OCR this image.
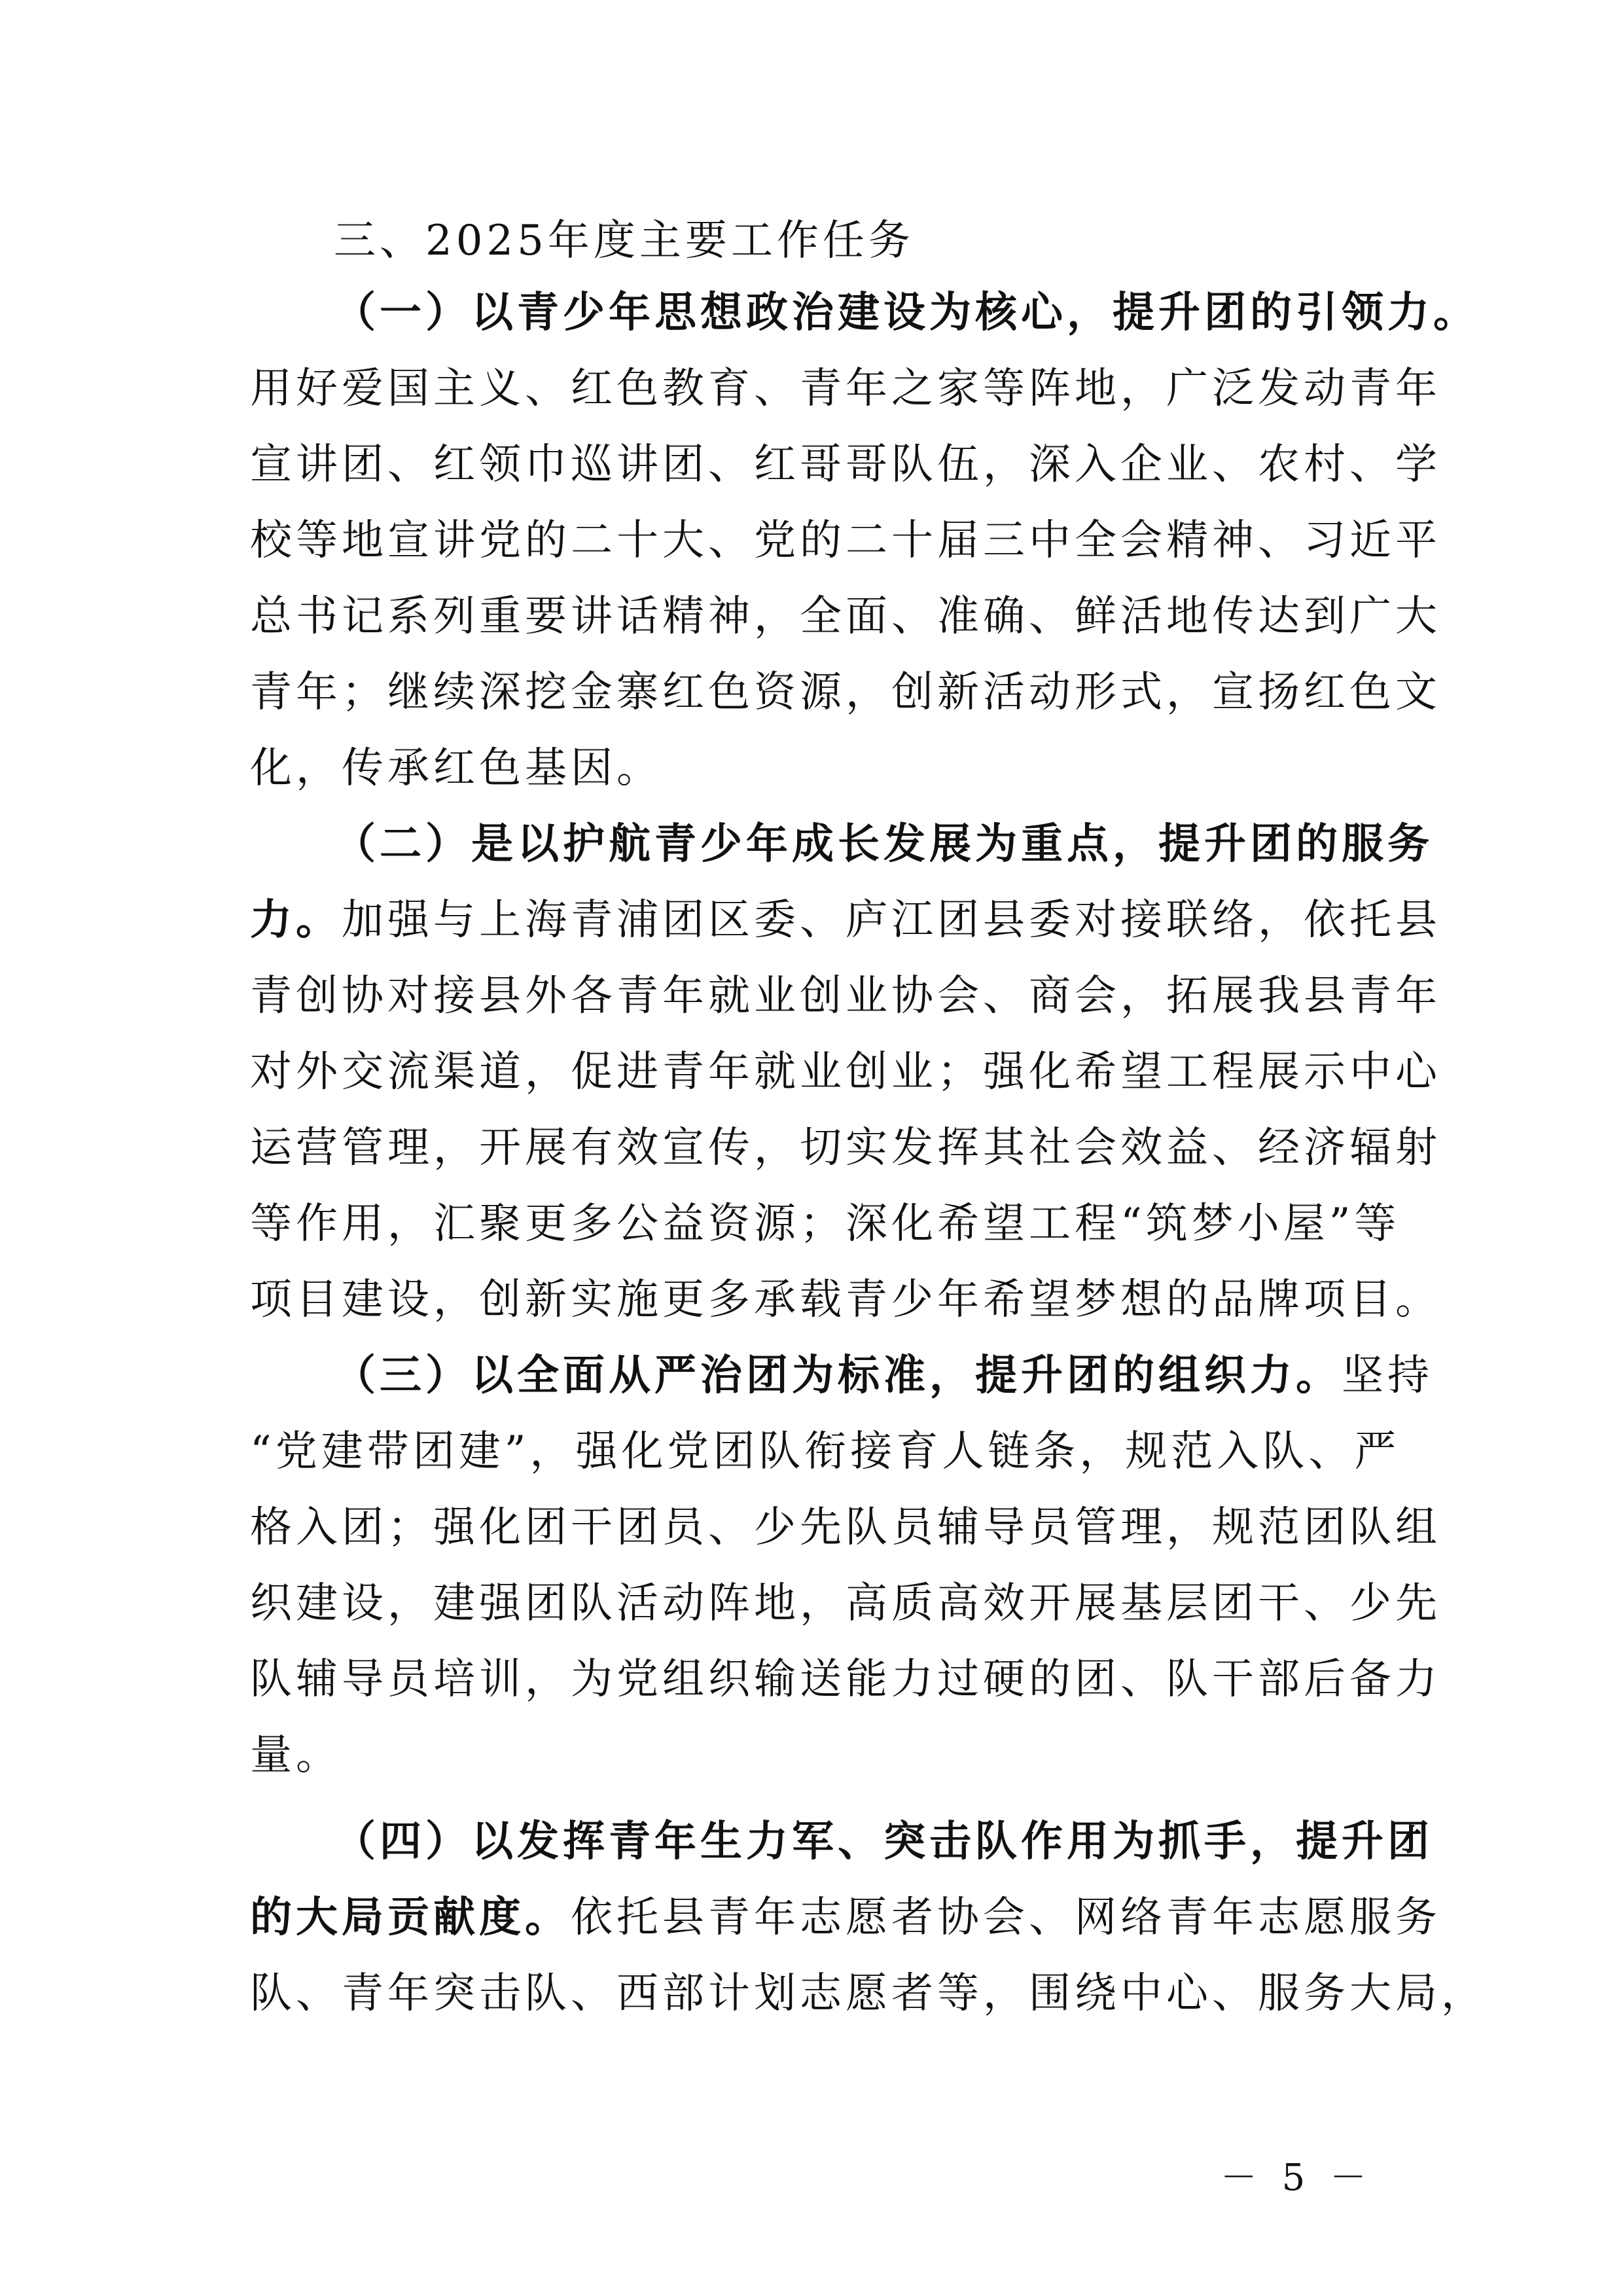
三、2025年度主要工作任务
（一）以青少年思想政治建设为核心，提升团的引领力。
用好爱国主义、红色教育、青年之家等阵地，广泛发动青年
宣讲团、红领巾巡讲团、红哥哥队伍，深入企业、农村、学
校等地宣讲党的二十大、党的二十届三中全会精神、习近平
总书记系列重要讲话精神，全面、准确、鲜活地传达到广大
青年；继续深挖金寨红色资源，创新活动形式，宣扬红色文
化，传承红色基因。
（二）是以护航青少年成长发展为重点，提升团的服务
力。加强与上海青浦团区委、庐江团县委对接联络，依托县
青创协对接县外各青年就业创业协会、商会，拓展我县青年
对外交流渠道，促进青年就业创业；强化希望工程展示中心
运营管理，开展有效宣传，切实发挥其社会效益、经济辐射
等作用，汇聚更多公益资源；深化希望工程“筑梦小屋”等
项目建设，创新实施更多承载青少年希望梦想的品牌项目。
（三）以全面从严治团为标准，提升团的组织力。坚持
“党建带团建”，强化党团队衔接育人链条，规范入队、严
格入团；强化团干团员、少先队员辅导员管理，规范团队组
织建设，建强团队活动阵地，高质高效开展基层团干、少先
队辅导员培训，为党组织输送能力过硬的团、队干部后备力
量。
（四）以发挥青年生力军、突击队作用为抓手，提升团
的大局贡献度。依托县青年志愿者协会、网络青年志愿服务
队、青年突击队、西部计划志愿者等，围绕中心、服务大局，
－ 5 －
